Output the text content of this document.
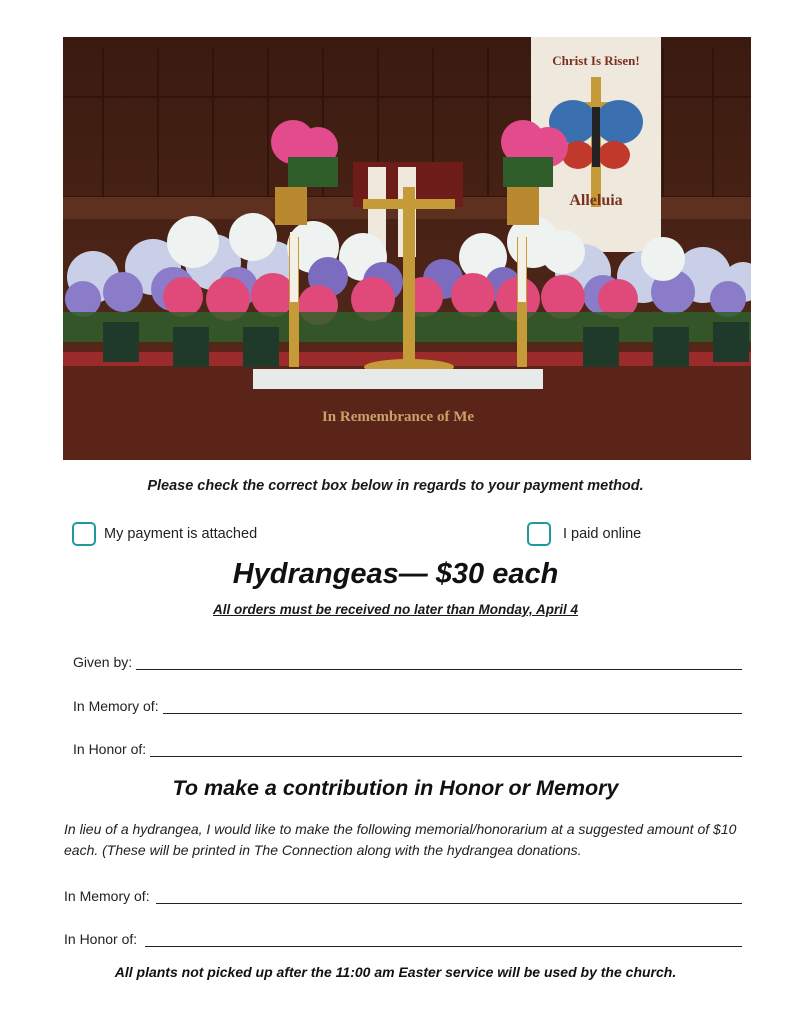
Christ Is Risen!
Alleluia
In Remembrance of Me
Please check the correct box below in regards to your payment method.
My payment is attached	I paid online
Hydrangeas— $30 each
All orders must be received no later than Monday, April 4
Given by:
In Memory of:
In Honor of:
To make a contribution in Honor or Memory
In lieu of a hydrangea, I would like to make the following memorial/honorarium at a suggested amount of $10 each. (These will be printed in The Connection along with the hydrangea donations.
In Memory of:
In Honor of:
All plants not picked up after the 11:00 am Easter service will be used by the church.
